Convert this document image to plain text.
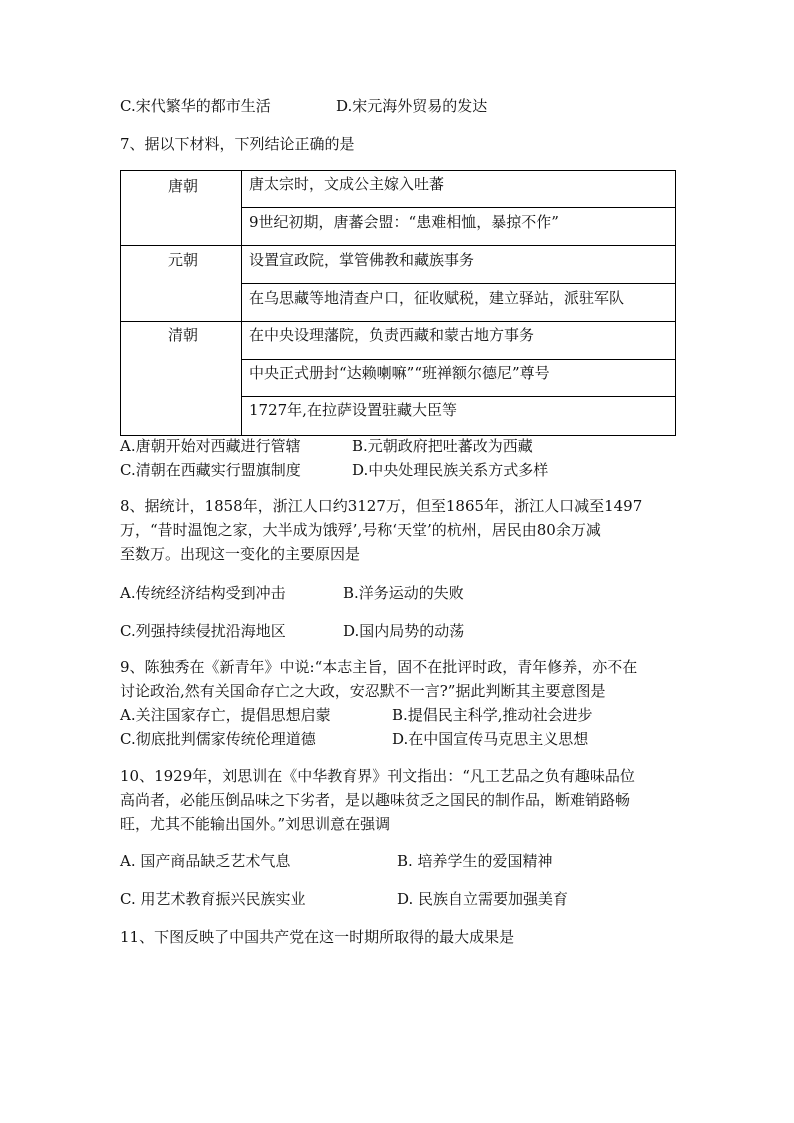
C.宋代繁华的都市生活	D.宋元海外贸易的发达
7、据以下材料，下列结论正确的是
唐朝	唐太宗时，文成公主嫁入吐蕃
9世纪初期，唐蕃会盟：“患难相恤，暴掠不作”
元朝	设置宣政院，掌管佛教和藏族事务
在乌思藏等地清查户口，征收赋税，建立驿站，派驻军队
清朝	在中央设理藩院，负责西藏和蒙古地方事务
中央正式册封“达赖喇嘛”“班禅额尔德尼”尊号
1727年,在拉萨设置驻藏大臣等
A.唐朝开始对西藏进行管辖	B.元朝政府把吐蕃改为西藏
C.清朝在西藏实行盟旗制度	D.中央处理民族关系方式多样
8、据统计，1858年，浙江人口约3127万，但至1865年，浙江人口减至1497
万，“昔时温饱之家，大半成为饿殍’,号称‘天堂’的杭州，居民由80余万减
至数万。出现这一变化的主要原因是
A.传统经济结构受到冲击	B.洋务运动的失败
C.列强持续侵扰沿海地区	D.国内局势的动荡
9、陈独秀在《新青年》中说:“本志主旨，固不在批评时政，青年修养，亦不在
讨论政治,然有关国命存亡之大政，安忍默不一言?”据此判断其主要意图是
A.关注国家存亡，提倡思想启蒙	B.提倡民主科学,推动社会进步
C.彻底批判儒家传统伦理道德	D.在中国宣传马克思主义思想
10、1929年，刘思训在《中华教育界》刊文指出：“凡工艺品之负有趣味品位
高尚者，必能压倒品味之下劣者，是以趣味贫乏之国民的制作品，断难销路畅
旺，尤其不能输出国外。”刘思训意在强调
A. 国产商品缺乏艺术气息	B. 培养学生的爱国精神
C. 用艺术教育振兴民族实业	D. 民族自立需要加强美育
11、下图反映了中国共产党在这一时期所取得的最大成果是
